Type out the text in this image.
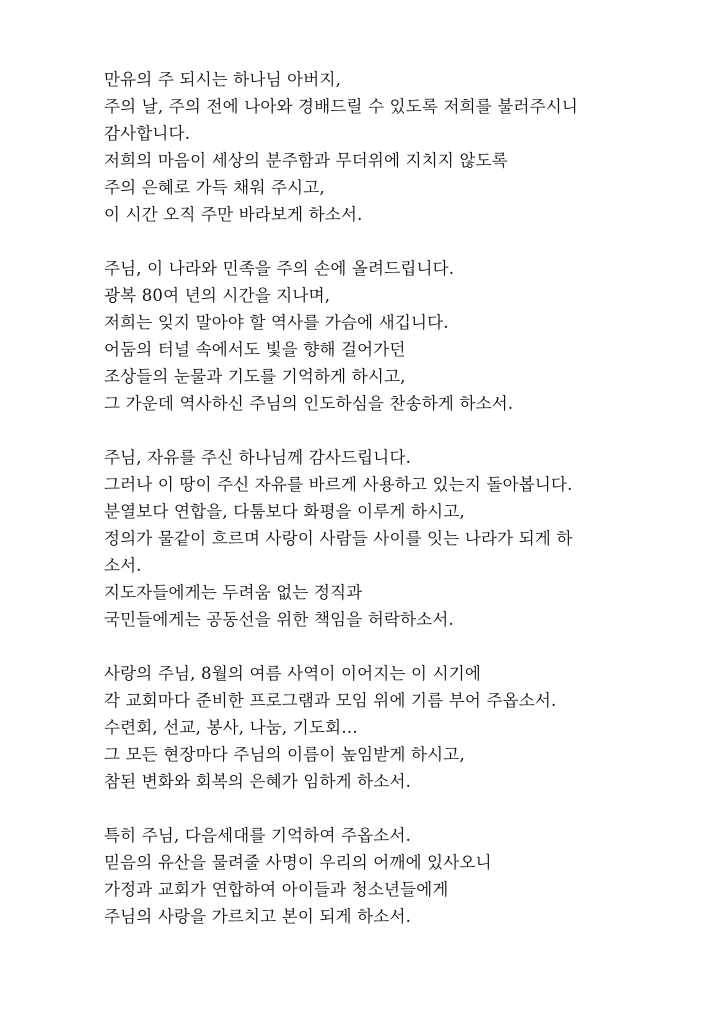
만유의 주 되시는 하나님 아버지,
주의 날, 주의 전에 나아와 경배드릴 수 있도록 저희를 불러주시니
감사합니다.
저희의 마음이 세상의 분주함과 무더위에 지치지 않도록
주의 은혜로 가득 채워 주시고,
이 시간 오직 주만 바라보게 하소서.
주님, 이 나라와 민족을 주의 손에 올려드립니다.
광복 80여 년의 시간을 지나며,
저희는 잊지 말아야 할 역사를 가슴에 새깁니다.
어둠의 터널 속에서도 빛을 향해 걸어가던
조상들의 눈물과 기도를 기억하게 하시고,
그 가운데 역사하신 주님의 인도하심을 찬송하게 하소서.
주님, 자유를 주신 하나님께 감사드립니다.
그러나 이 땅이 주신 자유를 바르게 사용하고 있는지 돌아봅니다.
분열보다 연합을, 다툼보다 화평을 이루게 하시고,
정의가 물같이 흐르며 사랑이 사람들 사이를 잇는 나라가 되게 하
소서.
지도자들에게는 두려움 없는 정직과
국민들에게는 공동선을 위한 책임을 허락하소서.
사랑의 주님, 8월의 여름 사역이 이어지는 이 시기에
각 교회마다 준비한 프로그램과 모임 위에 기름 부어 주옵소서.
수련회, 선교, 봉사, 나눔, 기도회…
그 모든 현장마다 주님의 이름이 높임받게 하시고,
참된 변화와 회복의 은혜가 임하게 하소서.
특히 주님, 다음세대를 기억하여 주옵소서.
믿음의 유산을 물려줄 사명이 우리의 어깨에 있사오니
가정과 교회가 연합하여 아이들과 청소년들에게
주님의 사랑을 가르치고 본이 되게 하소서.
